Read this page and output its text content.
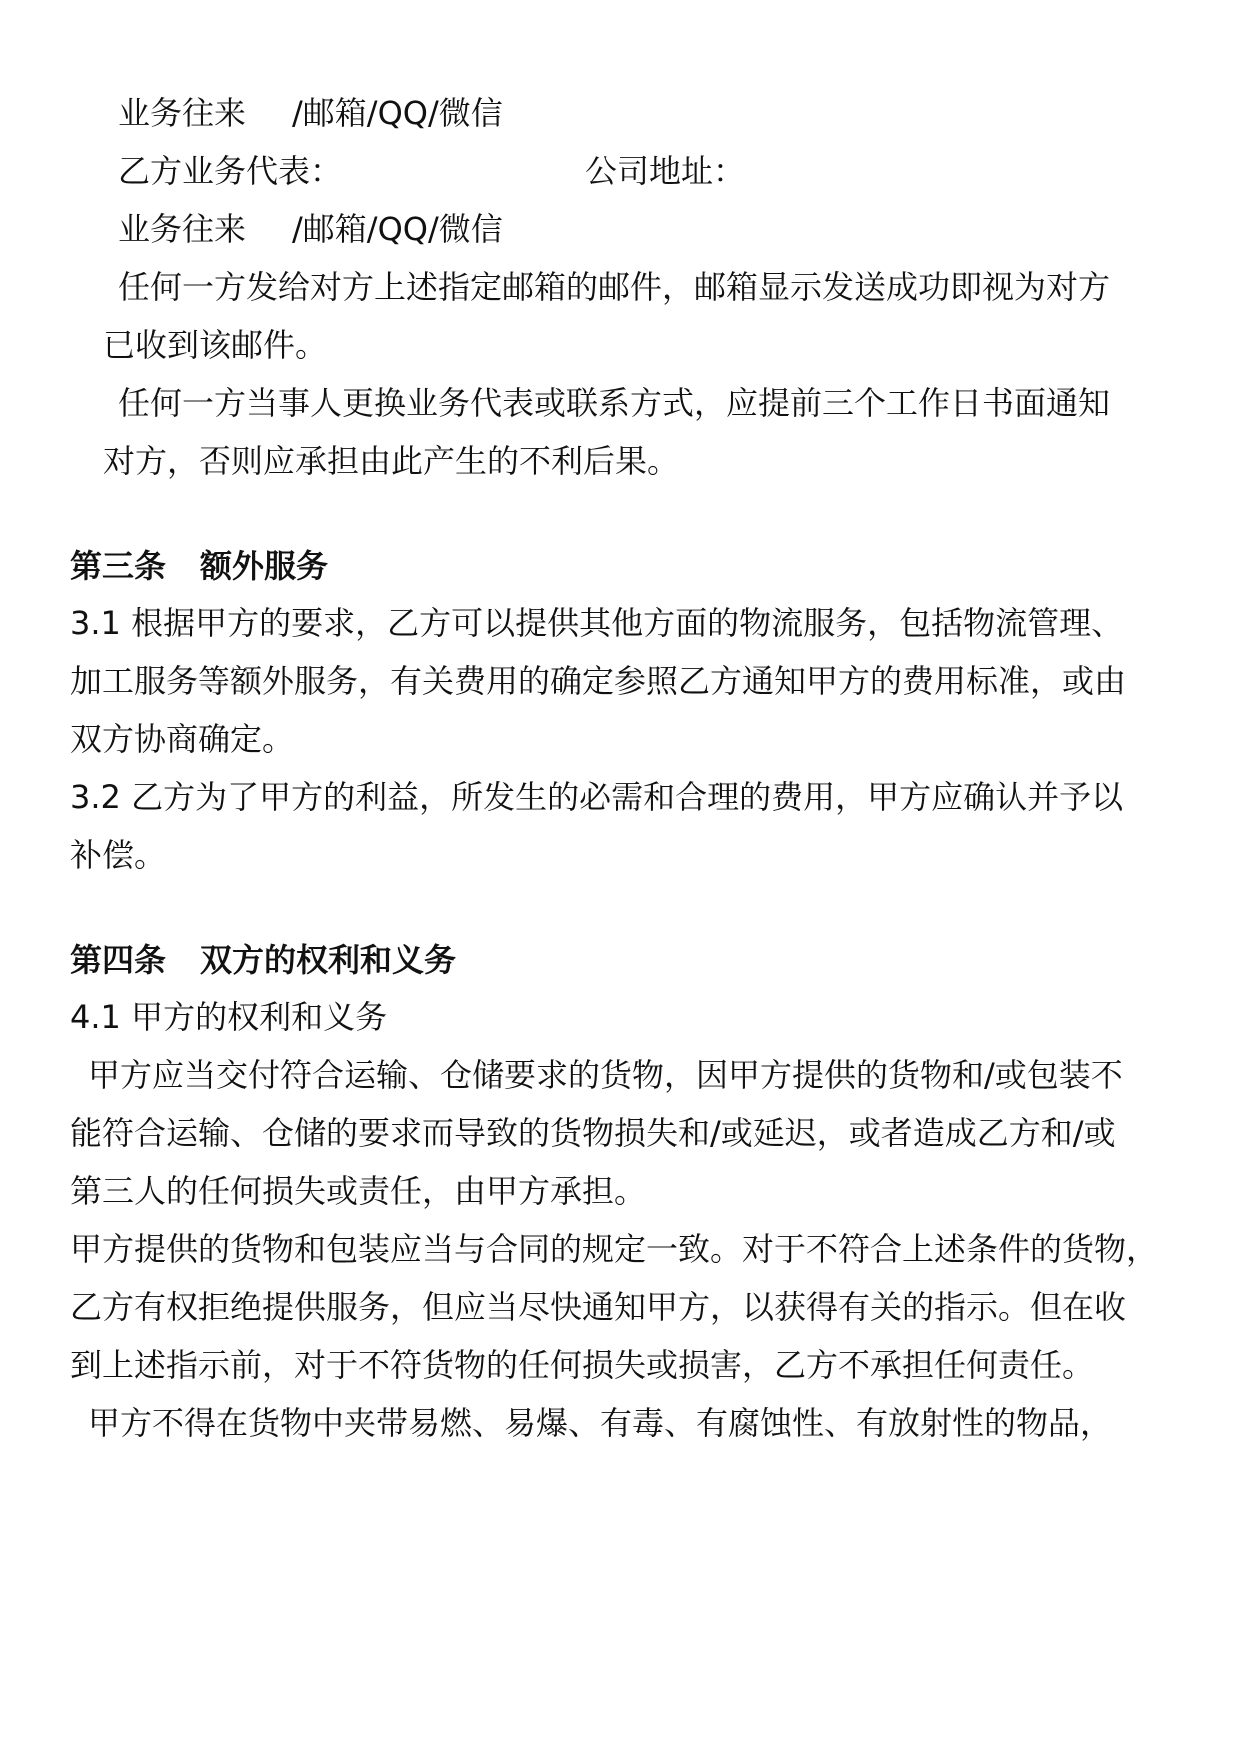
业务往来 /邮箱/QQ/微信
乙方业务代表：	公司地址：
业务往来 /邮箱/QQ/微信
任何一方发给对方上述指定邮箱的邮件，邮箱显示发送成功即视为对方
已收到该邮件。
任何一方当事人更换业务代表或联系方式，应提前三个工作日书面通知
对方，否则应承担由此产生的不利后果。
第三条 额外服务
3.1 根据甲方的要求，乙方可以提供其他方面的物流服务，包括物流管理、
加工服务等额外服务，有关费用的确定参照乙方通知甲方的费用标准，或由
双方协商确定。
3.2 乙方为了甲方的利益，所发生的必需和合理的费用，甲方应确认并予以
补偿。
第四条 双方的权利和义务
4.1 甲方的权利和义务
甲方应当交付符合运输、仓储要求的货物，因甲方提供的货物和/或包装不
能符合运输、仓储的要求而导致的货物损失和/或延迟，或者造成乙方和/或
第三人的任何损失或责任，由甲方承担。
甲方提供的货物和包装应当与合同的规定一致。对于不符合上述条件的货物，
乙方有权拒绝提供服务，但应当尽快通知甲方，以获得有关的指示。但在收
到上述指示前，对于不符货物的任何损失或损害，乙方不承担任何责任。
甲方不得在货物中夹带易燃、易爆、有毒、有腐蚀性、有放射性的物品，
